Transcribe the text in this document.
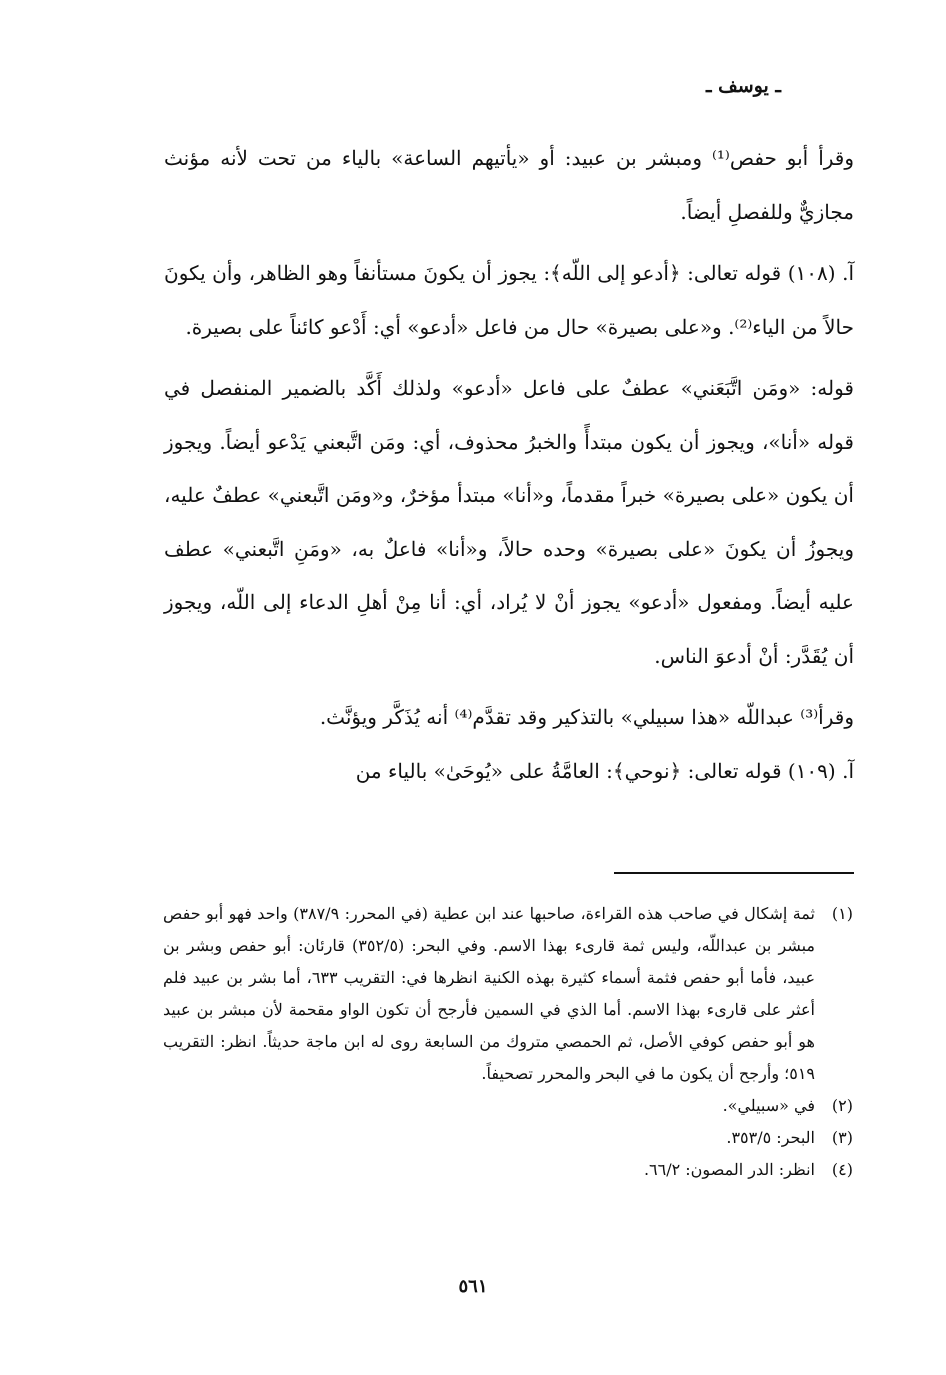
ـ يوسف ـ

وقرأ أبو حفص⁽¹⁾ ومبشر بن عبيد: أو «يأتيهم الساعة» بالياء من تحت لأنه مؤنث مجازيٌّ وللفصلِ أيضاً.

آ. (١٠٨) قوله تعالى: ﴿أدعو إلى اللّه﴾: يجوز أن يكونَ مستأنفاً وهو الظاهر، وأن يكونَ حالاً من الياء⁽²⁾. و«على بصيرة» حال من فاعل «أدعو» أي: أَدْعو كائناً على بصيرة.

قوله: «ومَن اتَّبَعَني» عطفٌ على فاعل «أدعو» ولذلك أَكَّد بالضمير المنفصل في قوله «أنا»، ويجوز أن يكون مبتدأً والخبرُ محذوف، أي: ومَن اتَّبعني يَدْعو أيضاً. ويجوز أن يكون «على بصيرة» خبراً مقدماً، و«أنا» مبتدأ مؤخرٌ، و«ومَن اتَّبعني» عطفٌ عليه، ويجوزُ أن يكونَ «على بصيرة» وحده حالاً، و«أنا» فاعلٌ به، «ومَنِ اتَّبعني» عطف عليه أيضاً. ومفعول «أدعو» يجوز أنْ لا يُراد، أي: أنا مِنْ أهلِ الدعاء إلى اللّه، ويجوز أن يُقَدَّر: أنْ أدعوَ الناس.

وقرأ⁽³⁾ عبداللّه «هذا سبيلي» بالتذكير وقد تقدَّم⁽⁴⁾ أنه يُذَكَّر ويؤنَّث.

آ. (١٠٩) قوله تعالى: ﴿نوحي﴾: العامَّةُ على «يُوحَىٰ» بالياء من

(١)
ثمة إشكال في صاحب هذه القراءة، صاحبها عند ابن عطية (في المحرر: ٣٨٧/٩) واحد فهو أبو حفص مبشر بن عبداللّه، وليس ثمة قارىء بهذا الاسم. وفي البحر: (٣٥٢/٥) قارئان: أبو حفص وبشر بن عبيد، فأما أبو حفص فثمة أسماء كثيرة بهذه الكنية انظرها في: التقريب ٦٣٣، أما بشر بن عبيد فلم أعثر على قارىء بهذا الاسم. أما الذي في السمين فأرجح أن تكون الواو مقحمة لأن مبشر بن عبيد هو أبو حفص كوفي الأصل، ثم الحمصي متروك من السابعة روى له ابن ماجة حديثاً. انظر: التقريب ٥١٩؛ وأرجح أن يكون ما في البحر والمحرر تصحيفاً.
(٢)
في «سبيلي».
(٣)
البحر: ٣٥٣/٥.
(٤)
انظر: الدر المصون: ٦٦/٢.
٥٦١
